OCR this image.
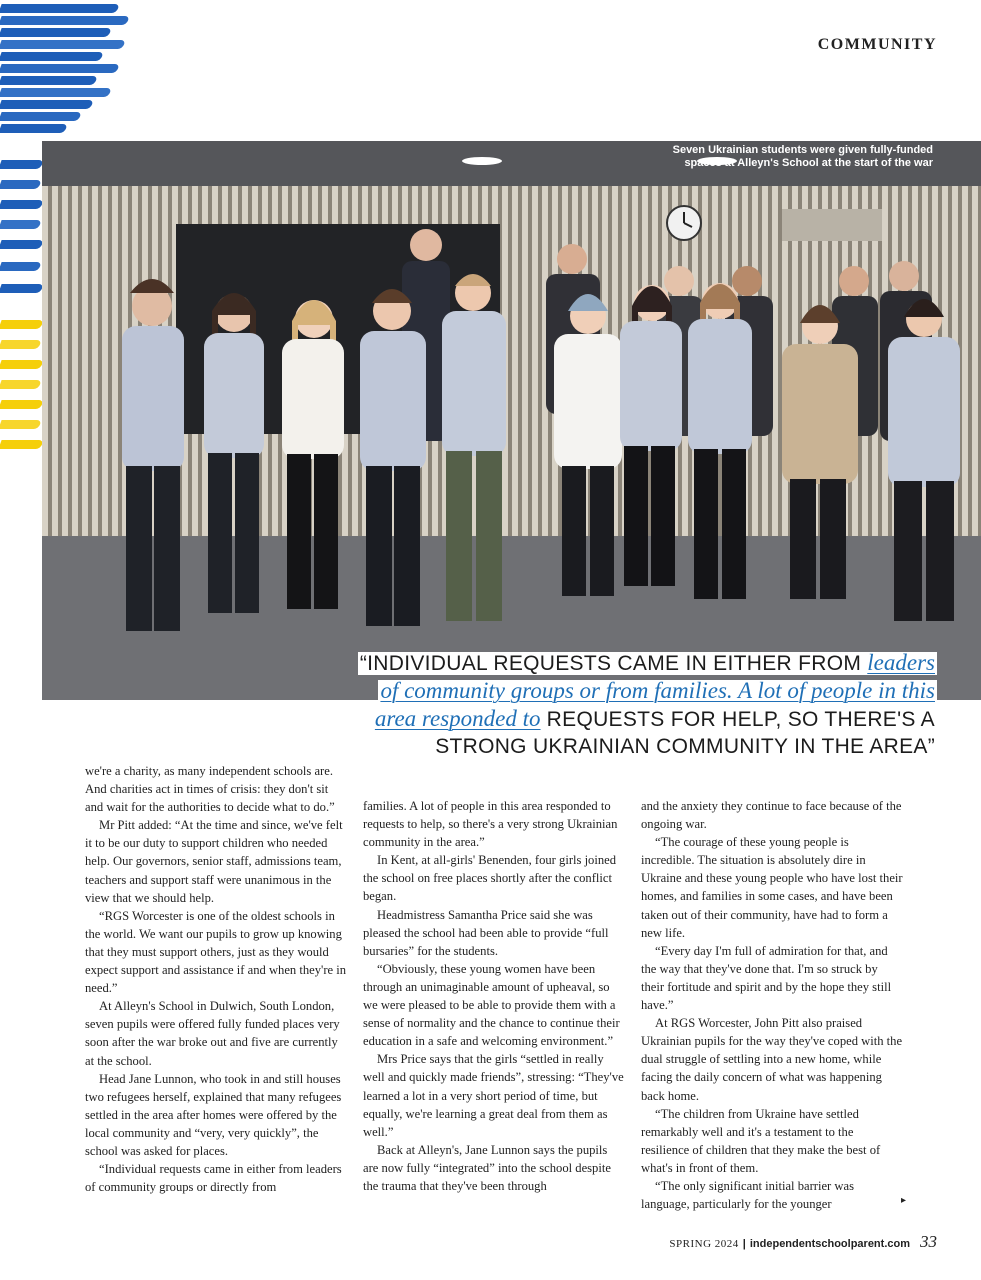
COMMUNITY
Seven Ukrainian students were given fully-funded spaces at Alleyn's School at the start of the war
“INDIVIDUAL REQUESTS CAME IN EITHER FROM leaders
of community groups or from families. A lot of people in this
area responded to REQUESTS FOR HELP, SO THERE'S A
STRONG UKRAINIAN COMMUNITY IN THE AREA”

we're a charity, as many independent schools are. And charities act in times of crisis: they don't sit and wait for the authorities to decide what to do.”

Mr Pitt added: “At the time and since, we've felt it to be our duty to support children who needed help. Our governors, senior staff, admissions team, teachers and support staff were unanimous in the view that we should help.

“RGS Worcester is one of the oldest schools in the world. We want our pupils to grow up knowing that they must support others, just as they would expect support and assistance if and when they're in need.”

At Alleyn's School in Dulwich, South London, seven pupils were offered fully funded places very soon after the war broke out and five are currently at the school.

Head Jane Lunnon, who took in and still houses two refugees herself, explained that many refugees settled in the area after homes were offered by the local community and “very, very quickly”, the school was asked for places.

“Individual requests came in either from leaders of community groups or directly from

families. A lot of people in this area responded to requests to help, so there's a very strong Ukrainian community in the area.”

In Kent, at all-girls' Benenden, four girls joined the school on free places shortly after the conflict began.

Headmistress Samantha Price said she was pleased the school had been able to provide “full bursaries” for the students.

“Obviously, these young women have been through an unimaginable amount of upheaval, so we were pleased to be able to provide them with a sense of normality and the chance to continue their education in a safe and welcoming environment.”

Mrs Price says that the girls “settled in really well and quickly made friends”, stressing: “They've learned a lot in a very short period of time, but equally, we're learning a great deal from them as well.”

Back at Alleyn's, Jane Lunnon says the pupils are now fully “integrated” into the school despite the trauma that they've been through

and the anxiety they continue to face because of the ongoing war.

“The courage of these young people is incredible. The situation is absolutely dire in Ukraine and these young people who have lost their homes, and families in some cases, and have been taken out of their community, have had to form a new life.

“Every day I'm full of admiration for that, and the way that they've done that. I'm so struck by their fortitude and spirit and by the hope they still have.”

At RGS Worcester, John Pitt also praised Ukrainian pupils for the way they've coped with the dual struggle of settling into a new home, while facing the daily concern of what was happening back home.

“The children from Ukraine have settled remarkably well and it's a testament to the resilience of children that they make the best of what's in front of them.

“The only significant initial barrier was language, particularly for the younger	▸
SPRING 2024 | independentschoolparent.com 33
